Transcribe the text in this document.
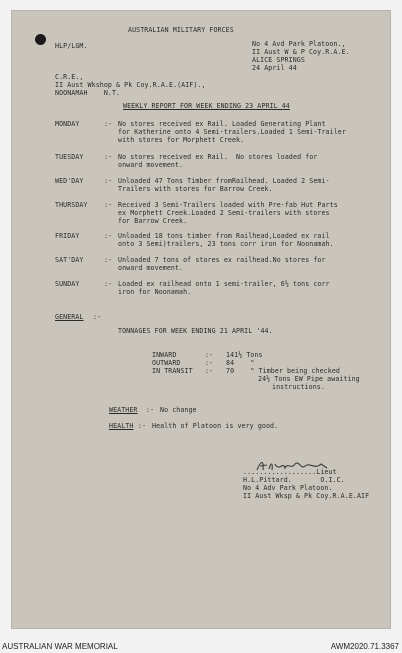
AUSTRALIAN MILITARY FORCES
HLP/LGM.	No 4 Avd Park Platoon.,
II Aust W & P Coy.R.A.E.
ALICE SPRINGS
24 April 44
C.R.E.,
II Aust Wkshop & Pk Coy.R.A.E.(AIF).,
NOONAMAH    N.T.
WEEKLY REPORT FOR WEEK ENDING 23 APRIL 44
MONDAY	:- No stores received ex Rail. Loaded Generating Plant
for Katherine onto 4 Semi-trailers.Loaded 1 Semi-Trailer
with stores for Morphett Creek.
TUESDAY	:- No stores received ex Rail.  No stores loaded for
onward movement.
WED'DAY	:- Unloaded 47 Tons Timber fromRailhead. Loaded 2 Semi-
Trailers with stores for Barrow Creek.
THURSDAY :- Received 3 Semi-Trailers loaded with Pre-fab Hut Parts
ex Morphett Creek.Loaded 2 Semi-trailers with stores
for Barrow Creek.
FRIDAY	:- Unloaded 18 tons timber from Railhead,Loaded ex rail
onto 3 Semi)trailers, 23 tons corr iron for Noonamah.
SAT'DAY	:- Unloaded 7 tons of stores ex railhead.No stores for
onward movement.
SUNDAY	:- Loaded ex railhead onto 1 semi-trailer, 6½ tons corr
iron for Noonamah.
GENERAL :-
TONNAGES FOR WEEK ENDING 21 APRIL '44.
INWARD	:- 141½ Tons
OUTWARD	:- 84    "
IN TRANSIT :- 70    " Timber being checked
24½ Tons EW Pipe awaiting
instructions.
WEATHER :- No change
HEALTH :- Health of Platoon is very good.
..................Lieut
H.L.Pittard.       O.I.C.
No 4 Adv Park Platoon.
II Aust Wksp & Pk Coy.R.A.E.AIF
AUSTRALIAN WAR MEMORIAL	AWM2020.71.3367
